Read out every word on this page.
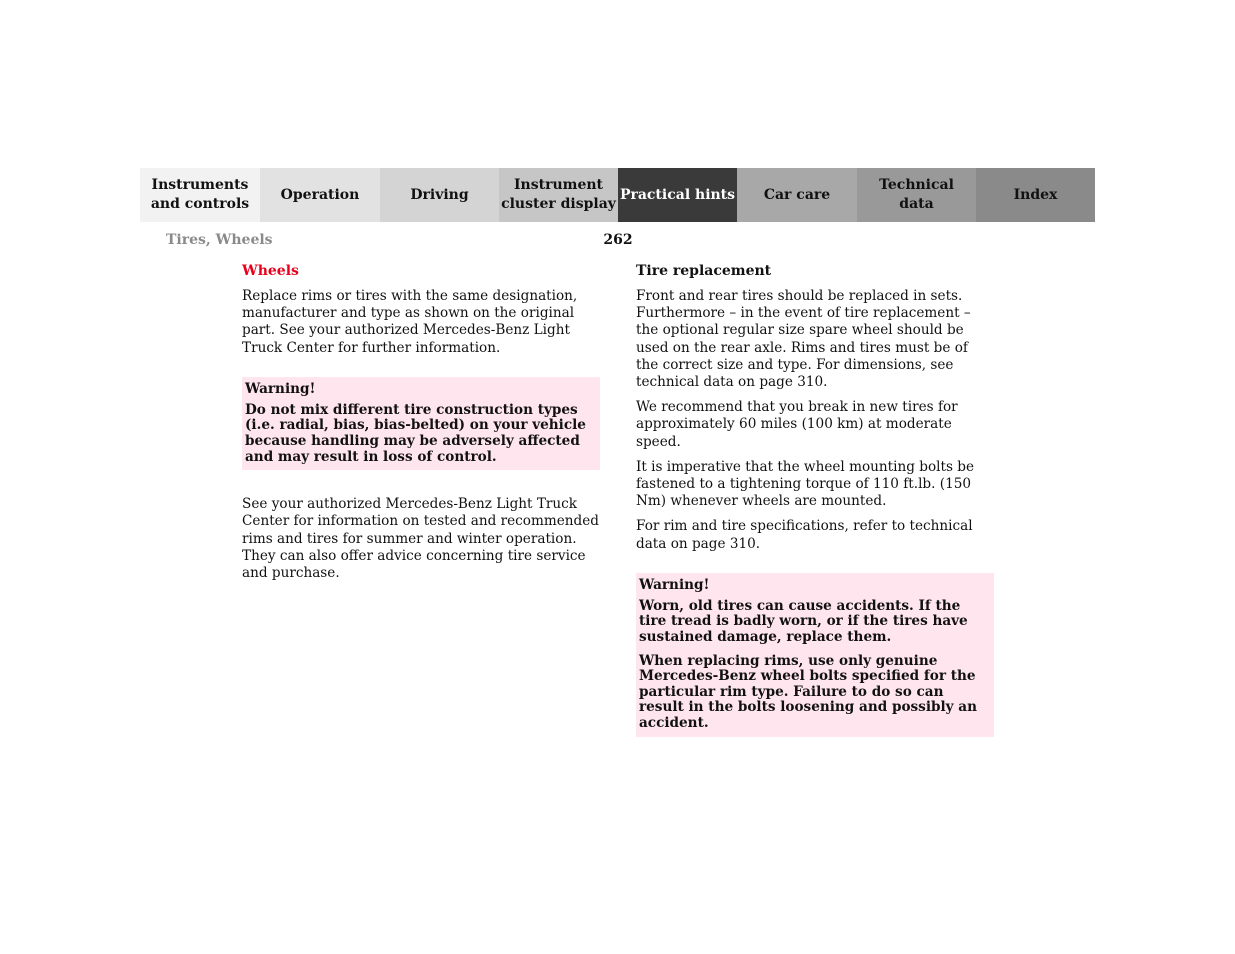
Instruments
and controls
Operation	Driving
Instrument
cluster display
Practical hints	Car care
Technical
data
Index
Tires, Wheels	262
Wheels

Replace rims or tires with the same designation, manufacturer and type as shown on the original part. See your authorized Mercedes-Benz Light Truck Center for further information.

Warning!
Do not mix different tire construction types (i.e. radial, bias, bias-belted) on your vehicle because handling may be adversely affected and may result in loss of control.

See your authorized Mercedes-Benz Light Truck Center for information on tested and recommended rims and tires for summer and winter operation. They can also offer advice concerning tire service and purchase.

Tire replacement

Front and rear tires should be replaced in sets. Furthermore – in the event of tire replacement – the optional regular size spare wheel should be used on the rear axle. Rims and tires must be of the correct size and type. For dimensions, see technical data on page 310.

We recommend that you break in new tires for approximately 60 miles (100 km) at moderate speed.

It is imperative that the wheel mounting bolts be fastened to a tightening torque of 110 ft.lb. (150 Nm) whenever wheels are mounted.

For rim and tire specifications, refer to technical data on page 310.

Warning!
Worn, old tires can cause accidents. If the tire tread is badly worn, or if the tires have sustained damage, replace them.
When replacing rims, use only genuine Mercedes-Benz wheel bolts specified for the particular rim type. Failure to do so can result in the bolts loosening and possibly an accident.
